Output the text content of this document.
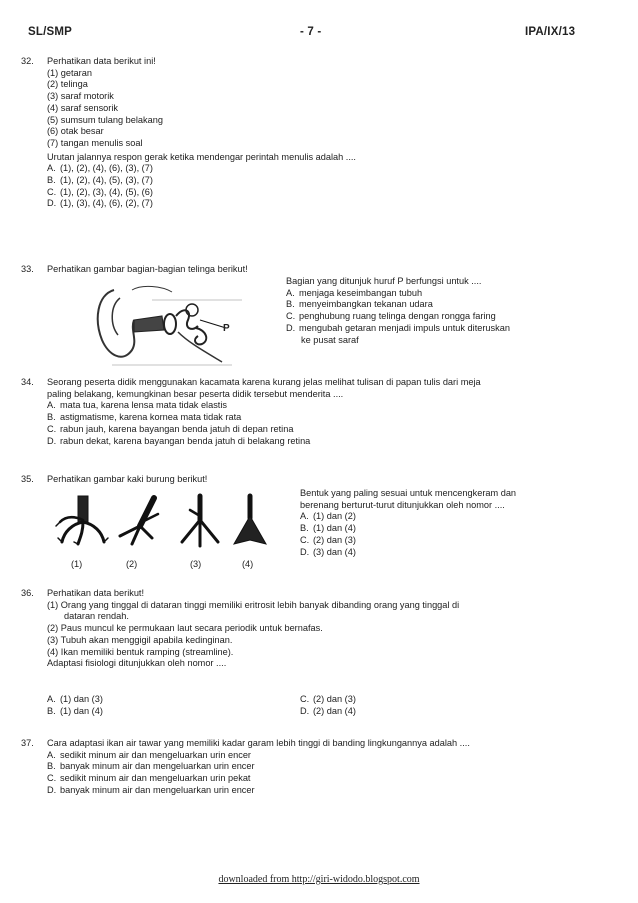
SL/SMP	- 7 -	IPA/IX/13
32. Perhatikan data berikut ini!
(1) getaran
(2) telinga
(3) saraf motorik
(4) saraf sensorik
(5) sumsum tulang belakang
(6) otak besar
(7) tangan menulis soal
Urutan jalannya respon gerak ketika mendengar perintah menulis adalah ....
A. (1), (2), (4), (6), (3), (7)
B. (1), (2), (4), (5), (3), (7)
C. (1), (2), (3), (4), (5), (6)
D. (1), (3), (4), (6), (2), (7)
33. Perhatikan gambar bagian-bagian telinga berikut!
P
Bagian yang ditunjuk huruf P berfungsi untuk ....
A. menjaga keseimbangan tubuh
B. menyeimbangkan tekanan udara
C. penghubung ruang telinga dengan rongga faring
D. mengubah getaran menjadi impuls untuk diteruskan
ke pusat saraf
34. Seorang peserta didik menggunakan kacamata karena kurang jelas melihat tulisan di papan tulis dari meja
paling belakang, kemungkinan besar peserta didik tersebut menderita ....
A. mata tua, karena lensa mata tidak elastis
B. astigmatisme, karena kornea mata tidak rata
C. rabun jauh, karena bayangan benda jatuh di depan retina
D. rabun dekat, karena bayangan benda jatuh di belakang retina
35. Perhatikan gambar kaki burung berikut!
(1)	(2)	(3)	(4)
Bentuk yang paling sesuai untuk mencengkeram dan
berenang berturut-turut ditunjukkan oleh nomor ....
A. (1) dan (2)
B. (1) dan (4)
C. (2) dan (3)
D. (3) dan (4)
36. Perhatikan data berikut!
(1) Orang yang tinggal di dataran tinggi memiliki eritrosit lebih banyak dibanding orang yang tinggal di
dataran rendah.
(2) Paus muncul ke permukaan laut secara periodik untuk bernafas.
(3) Tubuh akan menggigil apabila kedinginan.
(4) Ikan memiliki bentuk ramping (streamline).
Adaptasi fisiologi ditunjukkan oleh nomor ....
A. (1) dan (3)
B. (1) dan (4)
C. (2) dan (3)
D. (2) dan (4)
37. Cara adaptasi ikan air tawar yang memiliki kadar garam lebih tinggi di banding lingkungannya adalah ....
A. sedikit minum air dan mengeluarkan urin encer
B. banyak minum air dan mengeluarkan urin encer
C. sedikit minum air dan mengeluarkan urin pekat
D. banyak minum air dan mengeluarkan urin encer
downloaded from http://giri-widodo.blogspot.com
